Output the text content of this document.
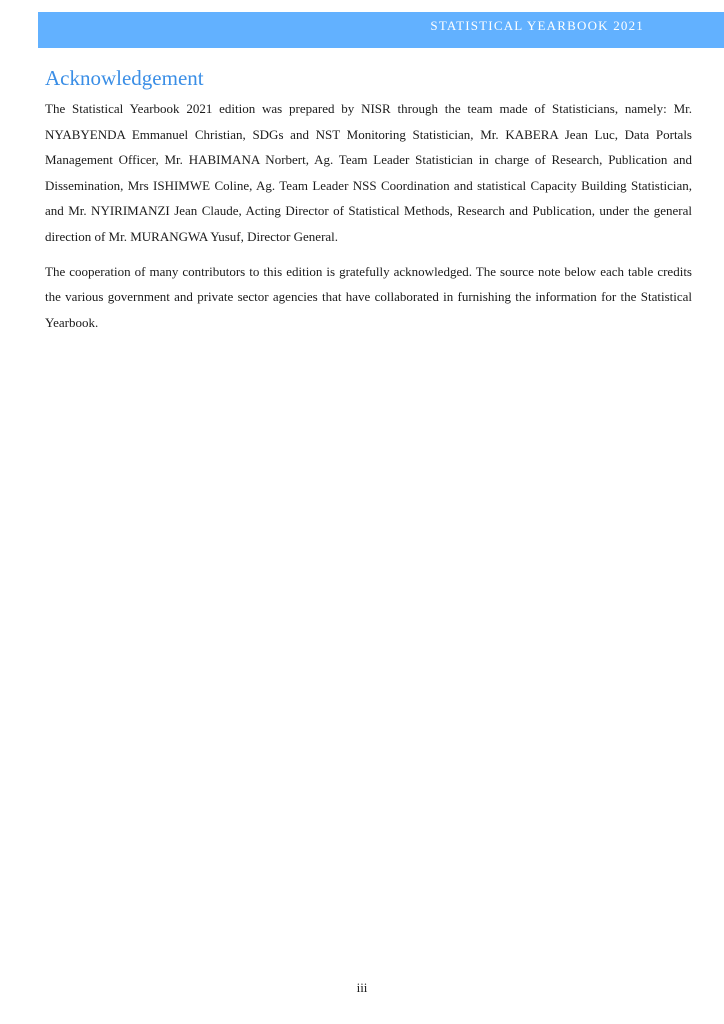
STATISTICAL YEARBOOK 2021
Acknowledgement

The Statistical Yearbook 2021 edition was prepared by NISR through the team made of Statisticians, namely: Mr. NYABYENDA Emmanuel Christian, SDGs and NST Monitoring Statistician, Mr. KABERA Jean Luc, Data Portals Management Officer, Mr. HABIMANA Norbert, Ag. Team Leader Statistician in charge of Research, Publication and Dissemination, Mrs ISHIMWE Coline, Ag. Team Leader NSS Coordination and statistical Capacity Building Statistician, and Mr. NYIRIMANZI Jean Claude, Acting Director of Statistical Methods, Research and Publication, under the general direction of Mr. MURANGWA Yusuf, Director General.

The cooperation of many contributors to this edition is gratefully acknowledged. The source note below each table credits the various government and private sector agencies that have collaborated in furnishing the information for the Statistical Yearbook.

iii
